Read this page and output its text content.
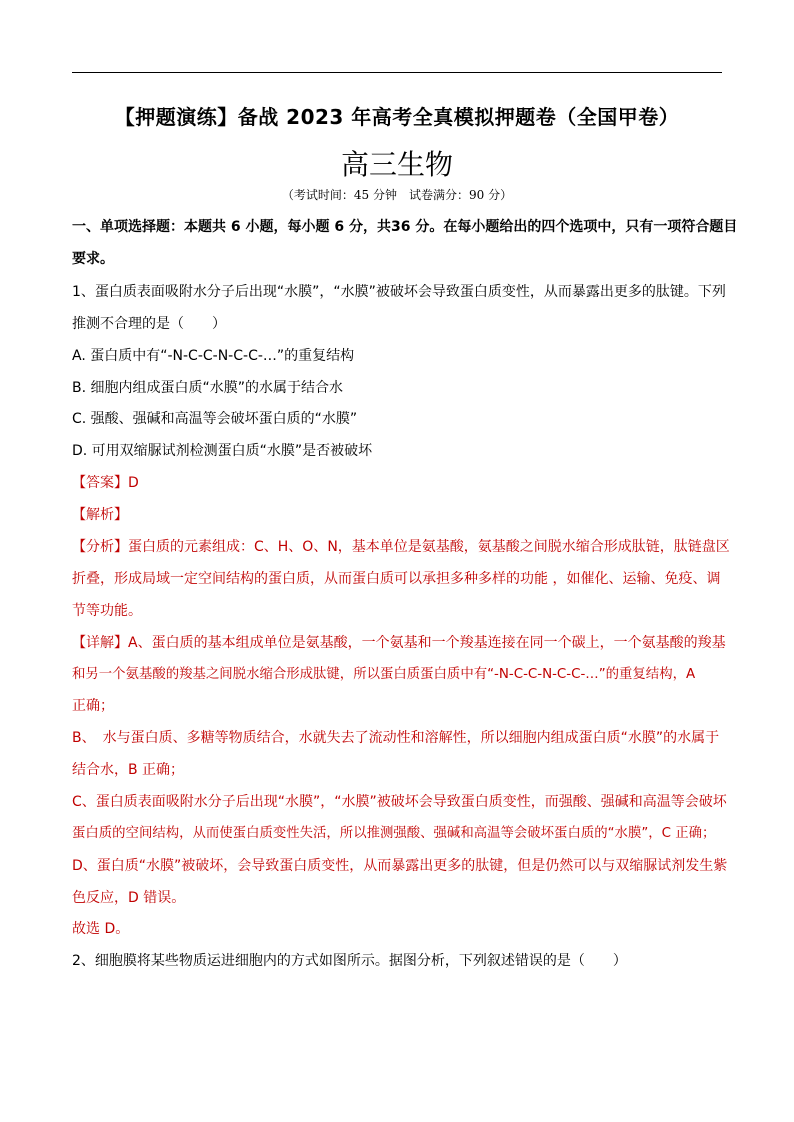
【押题演练】备战 2023 年高考全真模拟押题卷（全国甲卷）
高三生物
（考试时间：45 分钟　试卷满分：90 分）
一、单项选择题：本题共 6 小题，每小题 6 分，共36 分。在每小题给出的四个选项中，只有一项符合题目
要求。
1、蛋白质表面吸附水分子后出现“水膜”，“水膜”被破坏会导致蛋白质变性，从而暴露出更多的肽键。下列
推测不合理的是（　　）
A. 蛋白质中有“-N-C-C-N-C-C-…”的重复结构
B. 细胞内组成蛋白质“水膜”的水属于结合水
C. 强酸、强碱和高温等会破坏蛋白质的“水膜”
D. 可用双缩脲试剂检测蛋白质“水膜”是否被破坏
【答案】D
【解析】
【分析】蛋白质的元素组成：C、H、O、N，基本单位是氨基酸，氨基酸之间脱水缩合形成肽链，肽链盘区
折叠，形成局域一定空间结构的蛋白质，从而蛋白质可以承担多种多样的功能 ，如催化、运输、免疫、调
节等功能。
【详解】A、蛋白质的基本组成单位是氨基酸，一个氨基和一个羧基连接在同一个碳上，一个氨基酸的羧基
和另一个氨基酸的羧基之间脱水缩合形成肽键，所以蛋白质蛋白质中有“-N-C-C-N-C-C-…”的重复结构，A
正确；
B、　水与蛋白质、多糖等物质结合，水就失去了流动性和溶解性，所以细胞内组成蛋白质“水膜”的水属于
结合水，B 正确；
C、蛋白质表面吸附水分子后出现“水膜”，“水膜”被破坏会导致蛋白质变性，而强酸、强碱和高温等会破坏
蛋白质的空间结构，从而使蛋白质变性失活，所以推测强酸、强碱和高温等会破坏蛋白质的“水膜”，C 正确；
D、蛋白质“水膜”被破坏，会导致蛋白质变性，从而暴露出更多的肽键，但是仍然可以与双缩脲试剂发生紫
色反应，D 错误。
故选 D。
2、细胞膜将某些物质运进细胞内的方式如图所示。据图分析，下列叙述错误的是（　　）
